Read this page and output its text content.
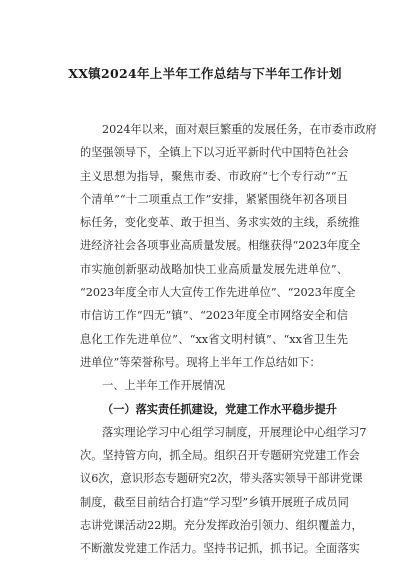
XX镇2024年上半年工作总结与下半年工作计划
2024年以来，面对艰巨繁重的发展任务，在市委市政府
的坚强领导下，全镇上下以习近平新时代中国特色社会
主义思想为指导，聚焦市委、市政府“七个专行动”“五
个清单”“十二项重点工作”安排，紧紧围绕年初各项目
标任务，变化变革、敢于担当、务求实效的主线，系统推
进经济社会各项事业高质量发展。相继获得“2023年度全
市实施创新驱动战略加快工业高质量发展先进单位”、
“2023年度全市人大宣传工作先进单位”、“2023年度全
市信访工作“四无”镇”、“2023年度全市网络安全和信
息化工作先进单位”、“xx省文明村镇”、“xx省卫生先
进单位”等荣誉称号。现将上半年工作总结如下：
一、上半年工作开展情况
（一）落实责任抓建设，党建工作水平稳步提升
落实理论学习中心组学习制度，开展理论中心组学习7
次。坚持管方向，抓全局。组织召开专题研究党建工作会
议6次，意识形态专题研究2次，带头落实领导干部讲党课
制度，截至目前结合打造“学习型”乡镇开展班子成员同
志讲党课活动22期。充分发挥政治引领力、组织覆盖力，
不断激发党建工作活力。坚持书记抓，抓书记。全面落实
